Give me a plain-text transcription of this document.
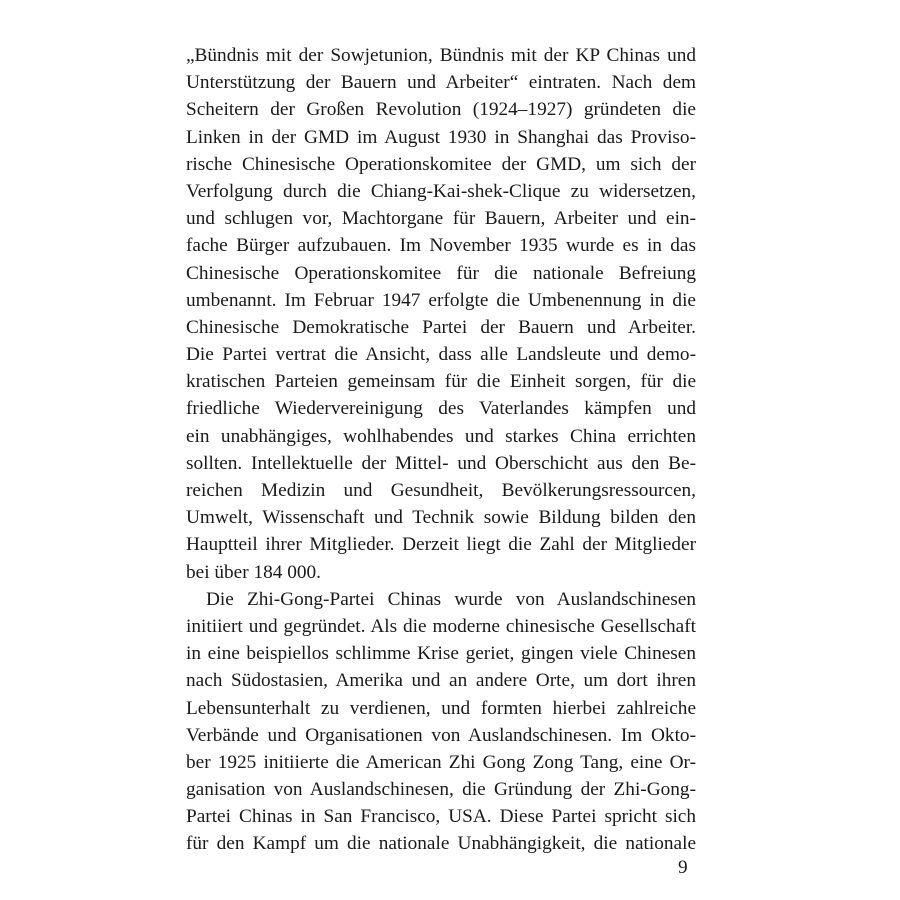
„Bündnis mit der Sowjetunion, Bündnis mit der KP Chinas und
Unterstützung der Bauern und Arbeiter“ eintraten. Nach dem
Scheitern der Großen Revolution (1924–1927) gründeten die
Linken in der GMD im August 1930 in Shanghai das Proviso-
rische Chinesische Operationskomitee der GMD, um sich der
Verfolgung durch die Chiang-Kai-shek-Clique zu widersetzen,
und schlugen vor, Machtorgane für Bauern, Arbeiter und ein-
fache Bürger aufzubauen. Im November 1935 wurde es in das
Chinesische Operationskomitee für die nationale Befreiung
umbenannt. Im Februar 1947 erfolgte die Umbenennung in die
Chinesische Demokratische Partei der Bauern und Arbeiter.
Die Partei vertrat die Ansicht, dass alle Landsleute und demo-
kratischen Parteien gemeinsam für die Einheit sorgen, für die
friedliche Wiedervereinigung des Vaterlandes kämpfen und
ein unabhängiges, wohlhabendes und starkes China errichten
sollten. Intellektuelle der Mittel- und Oberschicht aus den Be-
reichen Medizin und Gesundheit, Bevölkerungsressourcen,
Umwelt, Wissenschaft und Technik sowie Bildung bilden den
Hauptteil ihrer Mitglieder. Derzeit liegt die Zahl der Mitglieder
bei über 184 000.
Die Zhi-Gong-Partei Chinas wurde von Auslandschinesen
initiiert und gegründet. Als die moderne chinesische Gesellschaft
in eine beispiellos schlimme Krise geriet, gingen viele Chinesen
nach Südostasien, Amerika und an andere Orte, um dort ihren
Lebensunterhalt zu verdienen, und formten hierbei zahlreiche
Verbände und Organisationen von Auslandschinesen. Im Okto-
ber 1925 initiierte die American Zhi Gong Zong Tang, eine Or-
ganisation von Auslandschinesen, die Gründung der Zhi-Gong-
Partei Chinas in San Francisco, USA. Diese Partei spricht sich
für den Kampf um die nationale Unabhängigkeit, die nationale
9
